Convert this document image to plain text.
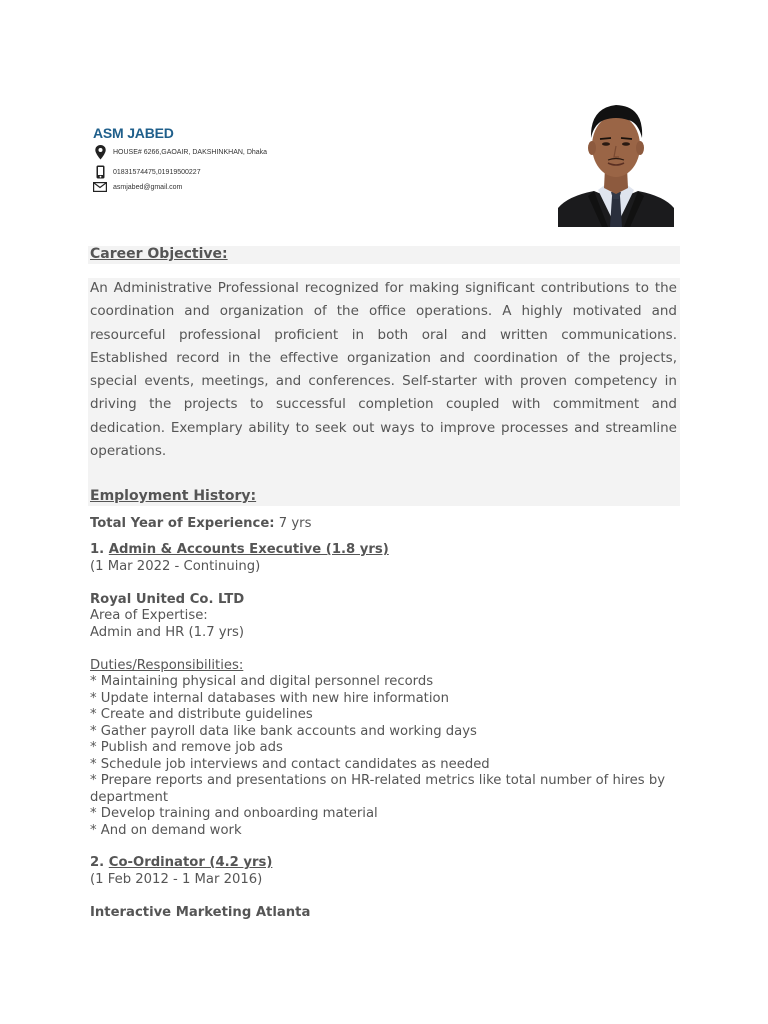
ASM JABED
HOUSE# 6266,GAOAIR, DAKSHINKHAN, Dhaka
01831574475,01919500227
asmjabed@gmail.com
Career Objective:
An Administrative Professional recognized for making significant contributions to the coordination and organization of the office operations. A highly motivated and resourceful professional proficient in both oral and written communications. Established record in the effective organization and coordination of the projects, special events, meetings, and conferences. Self-starter with proven competency in driving the projects to successful completion coupled with commitment and dedication. Exemplary ability to seek out ways to improve processes and streamline operations.
Employment History:
Total Year of Experience: 7 yrs
1. Admin & Accounts Executive (1.8 yrs)
(1 Mar 2022 - Continuing)
Royal United Co. LTD
Area of Expertise:
Admin and HR (1.7 yrs)
Duties/Responsibilities:
* Maintaining physical and digital personnel records
* Update internal databases with new hire information
* Create and distribute guidelines
* Gather payroll data like bank accounts and working days
* Publish and remove job ads
* Schedule job interviews and contact candidates as needed
* Prepare reports and presentations on HR-related metrics like total number of hires by department
* Develop training and onboarding material
* And on demand work
2. Co-Ordinator (4.2 yrs)
(1 Feb 2012 - 1 Mar 2016)
Interactive Marketing Atlanta
